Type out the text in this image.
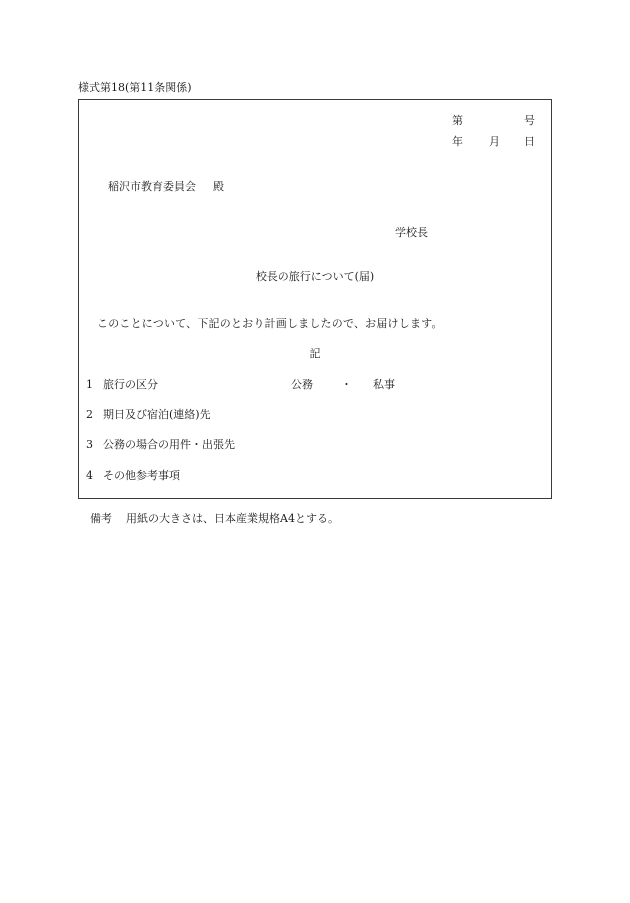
様式第18(第11条関係)
第	号
年 月 日
稲沢市教育委員会 殿
学校長
校長の旅行について(届)
このことについて、下記のとおり計画しましたので、お届けします。
記
1 旅行の区分	公務	・ 私事
2 期日及び宿泊(連絡)先
3 公務の場合の用件・出張先
4 その他参考事項
備考 用紙の大きさは、日本産業規格A4とする。
